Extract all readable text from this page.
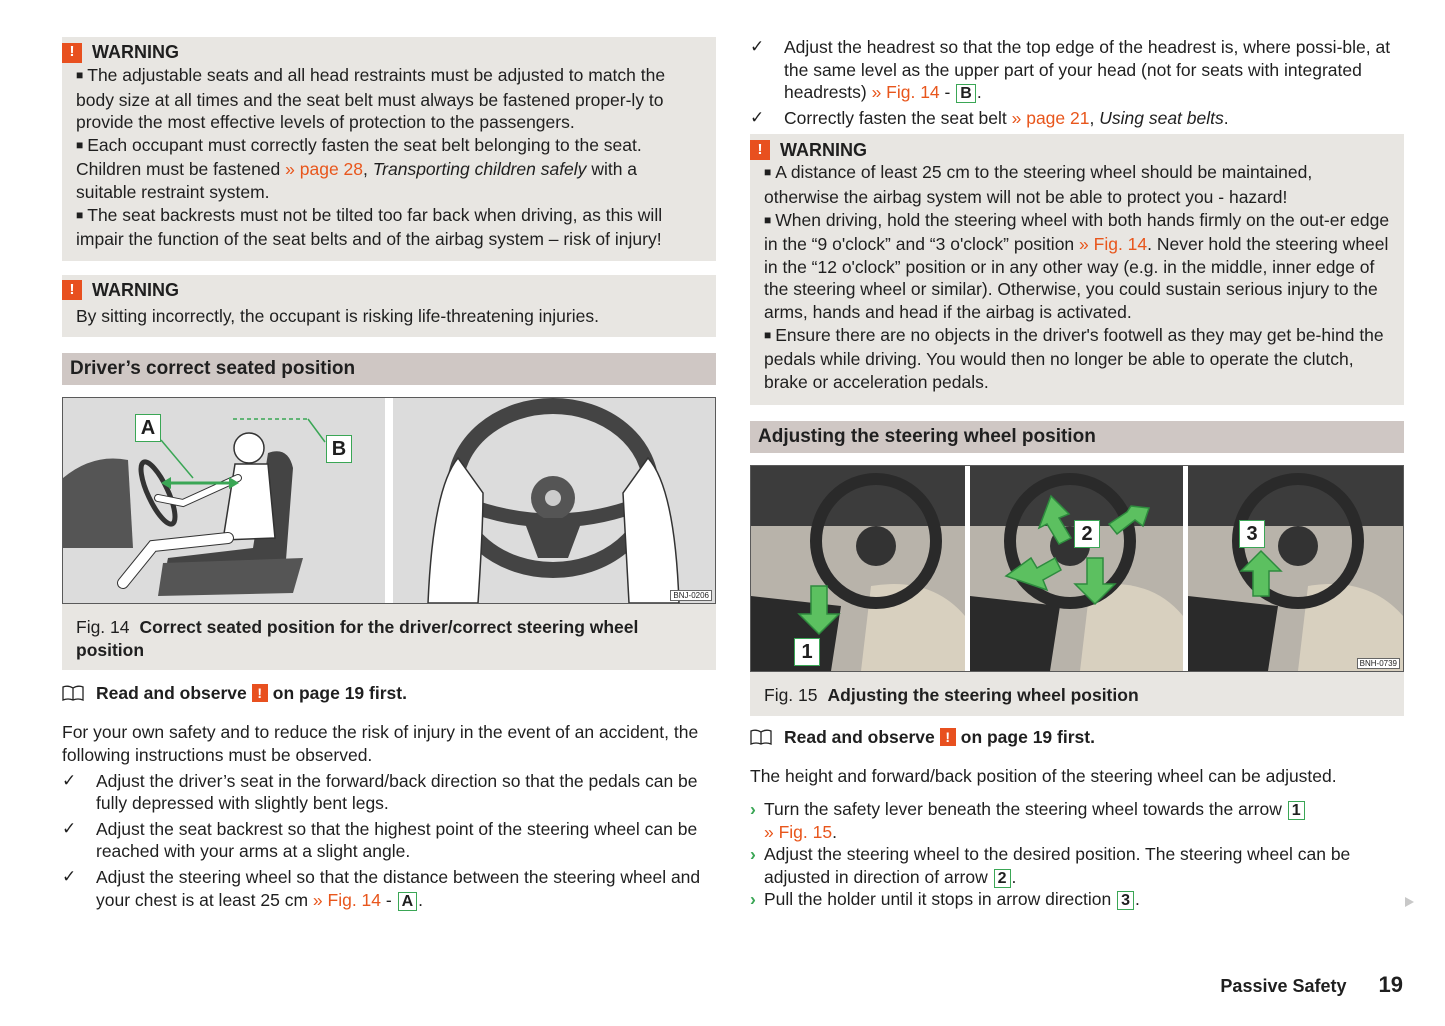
! WARNING
■ The adjustable seats and all head restraints must be adjusted to match the body size at all times and the seat belt must always be fastened proper-ly to provide the most effective levels of protection to the passengers.
■ Each occupant must correctly fasten the seat belt belonging to the seat. Children must be fastened » page 28, Transporting children safely with a suitable restraint system.
■ The seat backrests must not be tilted too far back when driving, as this will impair the function of the seat belts and of the airbag system – risk of injury!
! WARNING
By sitting incorrectly, the occupant is risking life-threatening injuries.
Driver’s correct seated position
A
B
BNJ-0206
Fig. 14 Correct seated position for the driver/correct steering wheel position
Read and observe ! on page 19 first.
For your own safety and to reduce the risk of injury in the event of an accident, the following instructions must be observed.
✓	Adjust the driver’s seat in the forward/back direction so that the pedals can be fully depressed with slightly bent legs.
✓	Adjust the seat backrest so that the highest point of the steering wheel can be reached with your arms at a slight angle.
✓	Adjust the steering wheel so that the distance between the steering wheel and your chest is at least 25 cm » Fig. 14 - A .
✓	Adjust the headrest so that the top edge of the headrest is, where possi-ble, at the same level as the upper part of your head (not for seats with integrated headrests) » Fig. 14 - B .
✓	Correctly fasten the seat belt » page 21, Using seat belts.
! WARNING
■ A distance of least 25 cm to the steering wheel should be maintained, otherwise the airbag system will not be able to protect you - hazard!
■ When driving, hold the steering wheel with both hands firmly on the out-er edge in the “9 o'clock” and “3 o'clock” position » Fig. 14. Never hold the steering wheel in the “12 o'clock” position or in any other way (e.g. in the middle, inner edge of the steering wheel or similar). Otherwise, you could sustain serious injury to the arms, hands and head if the airbag is activated.
■ Ensure there are no objects in the driver's footwell as they may get be-hind the pedals while driving. You would then no longer be able to operate the clutch, brake or acceleration pedals.
Adjusting the steering wheel position
1
2	3
BNH-0739
Fig. 15 Adjusting the steering wheel position
Read and observe ! on page 19 first.
The height and forward/back position of the steering wheel can be adjusted.
› Turn the safety lever beneath the steering wheel towards the arrow 1
» Fig. 15.
› Adjust the steering wheel to the desired position. The steering wheel can be adjusted in direction of arrow 2 .
› Pull the holder until it stops in arrow direction 3 .
Passive Safety 19
